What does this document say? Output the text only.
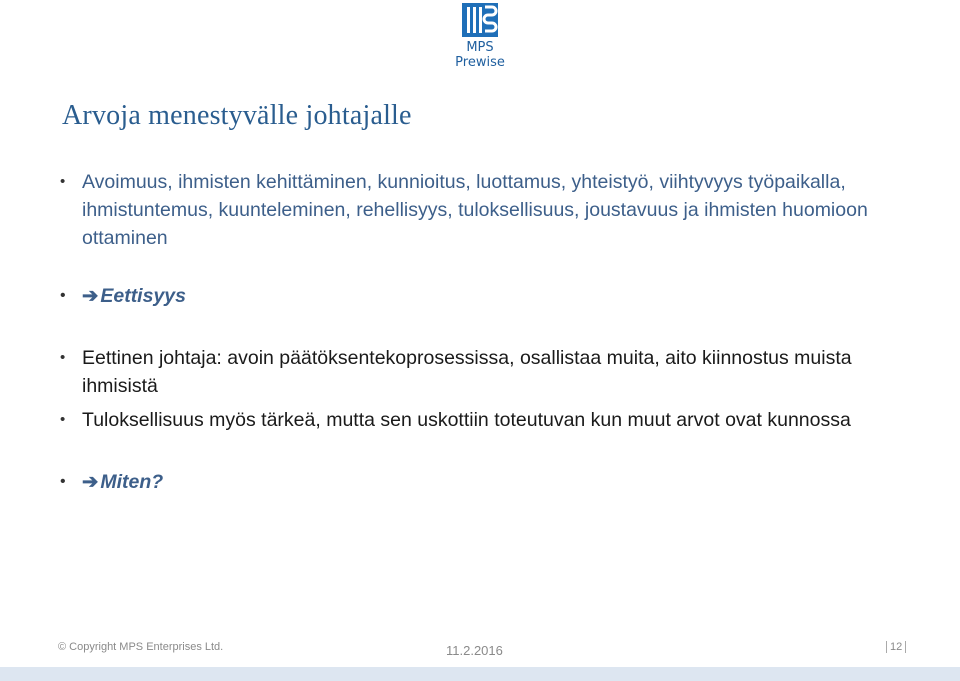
MPS Prewise
Arvoja menestyvälle johtajalle
• Avoimuus, ihmisten kehittäminen, kunnioitus, luottamus, yhteistyö, viihtyvyys työpaikalla, ihmistuntemus, kuunteleminen, rehellisyys, tuloksellisuus, joustavuus ja ihmisten huomioon ottaminen
• ➔ Eettisyys
• Eettinen johtaja: avoin päätöksentekoprosessissa, osallistaa muita, aito kiinnostus muista ihmisistä
• Tuloksellisuus myös tärkeä, mutta sen uskottiin toteutuvan kun muut arvot ovat kunnossa
• ➔ Miten?
© Copyright MPS Enterprises Ltd.	11.2.2016	12
